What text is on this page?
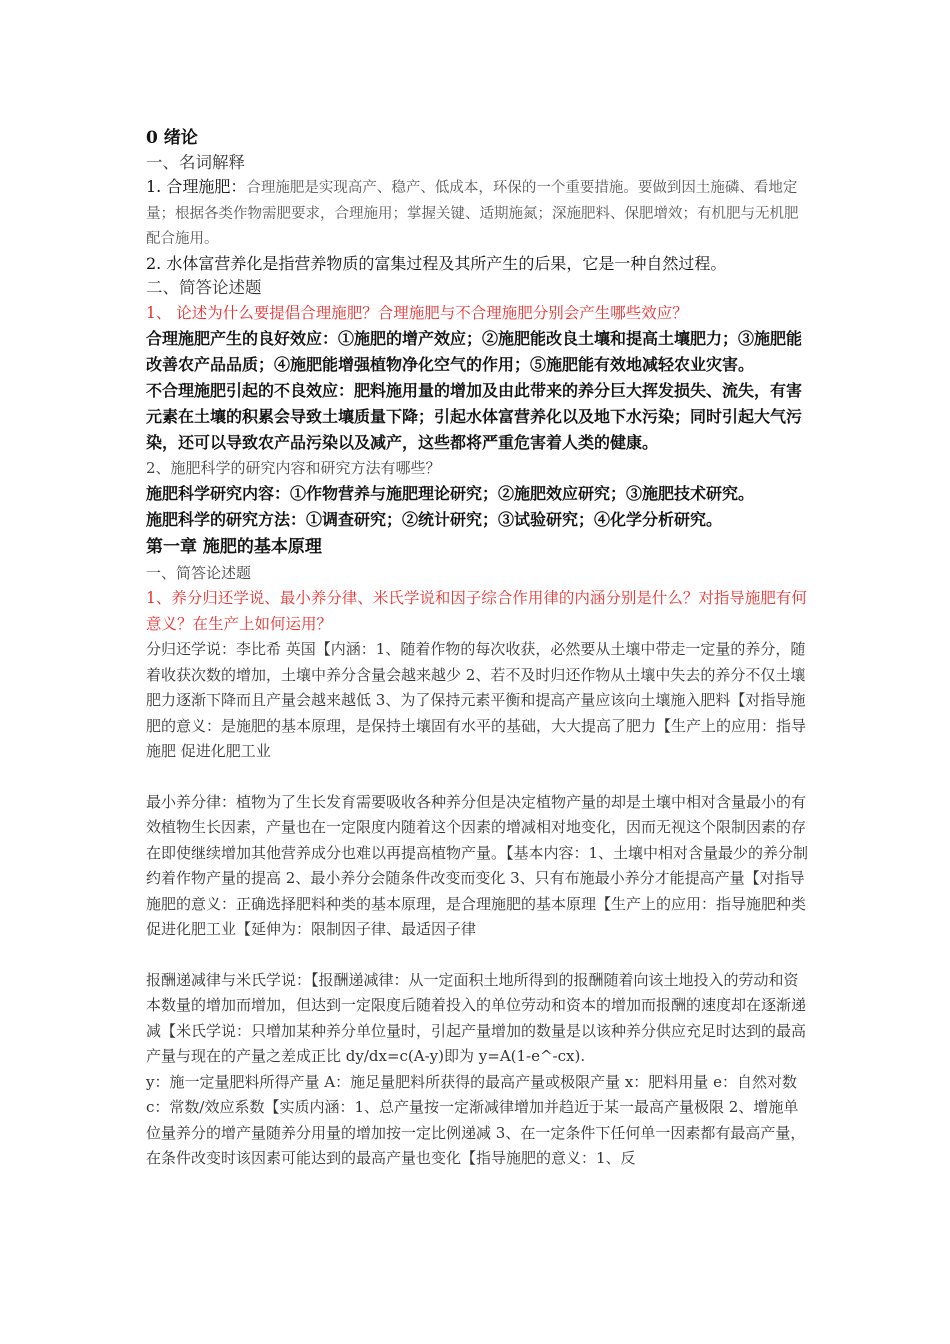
0 绪论

一、名词解释

1. 合理施肥：合理施肥是实现高产、稳产、低成本，环保的一个重要措施。要做到因土施磷、看地定量；根据各类作物需肥要求，合理施用；掌握关键、适期施氮；深施肥料、保肥增效；有机肥与无机肥配合施用。

2. 水体富营养化是指营养物质的富集过程及其所产生的后果，它是一种自然过程。

二、简答论述题

1、 论述为什么要提倡合理施肥？合理施肥与不合理施肥分别会产生哪些效应？

合理施肥产生的良好效应：①施肥的增产效应；②施肥能改良土壤和提高土壤肥力；③施肥能改善农产品品质；④施肥能增强植物净化空气的作用；⑤施肥能有效地减轻农业灾害。

不合理施肥引起的不良效应：肥料施用量的增加及由此带来的养分巨大挥发损失、流失，有害元素在土壤的积累会导致土壤质量下降；引起水体富营养化以及地下水污染；同时引起大气污染，还可以导致农产品污染以及减产，这些都将严重危害着人类的健康。

2、施肥科学的研究内容和研究方法有哪些？

施肥科学研究内容：①作物营养与施肥理论研究；②施肥效应研究；③施肥技术研究。

施肥科学的研究方法：①调查研究；②统计研究；③试验研究；④化学分析研究。

第一章 施肥的基本原理

一、简答论述题

1、养分归还学说、最小养分律、米氏学说和因子综合作用律的内涵分别是什么？对指导施肥有何意义？在生产上如何运用？

分归还学说：李比希 英国【内涵：1、随着作物的每次收获，必然要从土壤中带走一定量的养分，随着收获次数的增加，土壤中养分含量会越来越少 2、若不及时归还作物从土壤中失去的养分不仅土壤肥力逐渐下降而且产量会越来越低 3、为了保持元素平衡和提高产量应该向土壤施入肥料【对指导施肥的意义：是施肥的基本原理，是保持土壤固有水平的基础，大大提高了肥力【生产上的应用：指导施肥 促进化肥工业

最小养分律：植物为了生长发育需要吸收各种养分但是决定植物产量的却是土壤中相对含量最小的有效植物生长因素，产量也在一定限度内随着这个因素的增减相对地变化，因而无视这个限制因素的存在即使继续增加其他营养成分也难以再提高植物产量。【基本内容：1、土壤中相对含量最少的养分制约着作物产量的提高 2、最小养分会随条件改变而变化 3、只有布施最小养分才能提高产量【对指导施肥的意义：正确选择肥料种类的基本原理，是合理施肥的基本原理【生产上的应用：指导施肥种类 促进化肥工业【延伸为：限制因子律、最适因子律

报酬递减律与米氏学说：【报酬递减律：从一定面积土地所得到的报酬随着向该土地投入的劳动和资本数量的增加而增加，但达到一定限度后随着投入的单位劳动和资本的增加而报酬的速度却在逐渐递减【米氏学说：只增加某种养分单位量时，引起产量增加的数量是以该种养分供应充足时达到的最高产量与现在的产量之差成正比 dy/dx=c(A-y)即为 y=A(1-e^-cx).

y：施一定量肥料所得产量 A：施足量肥料所获得的最高产量或极限产量 x：肥料用量 e：自然对数 c：常数/效应系数【实质内涵：1、总产量按一定渐减律增加并趋近于某一最高产量极限 2、增施单位量养分的增产量随养分用量的增加按一定比例递减 3、在一定条件下任何单一因素都有最高产量，在条件改变时该因素可能达到的最高产量也变化【指导施肥的意义：1、反
